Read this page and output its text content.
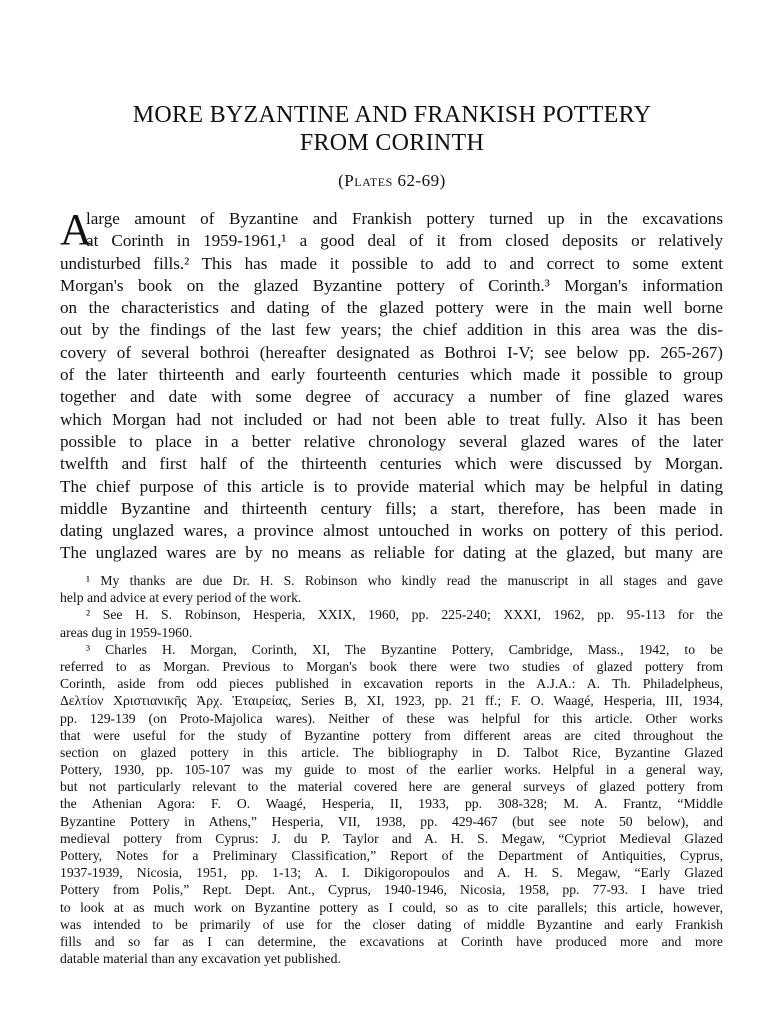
MORE BYZANTINE AND FRANKISH POTTERY
FROM CORINTH
(Plates 62-69)
A
large amount of Byzantine and Frankish pottery turned up in the excavations
at Corinth in 1959-1961,¹ a good deal of it from closed deposits or relatively
undisturbed fills.² This has made it possible to add to and correct to some extent
Morgan's book on the glazed Byzantine pottery of Corinth.³ Morgan's information
on the characteristics and dating of the glazed pottery were in the main well borne
out by the findings of the last few years; the chief addition in this area was the dis-
covery of several bothroi (hereafter designated as Bothroi I-V; see below pp. 265-267)
of the later thirteenth and early fourteenth centuries which made it possible to group
together and date with some degree of accuracy a number of fine glazed wares
which Morgan had not included or had not been able to treat fully. Also it has been
possible to place in a better relative chronology several glazed wares of the later
twelfth and first half of the thirteenth centuries which were discussed by Morgan.
The chief purpose of this article is to provide material which may be helpful in dating
middle Byzantine and thirteenth century fills; a start, therefore, has been made in
dating unglazed wares, a province almost untouched in works on pottery of this period.
The unglazed wares are by no means as reliable for dating at the glazed, but many are
¹ My thanks are due Dr. H. S. Robinson who kindly read the manuscript in all stages and gave
help and advice at every period of the work.
² See H. S. Robinson, Hesperia, XXIX, 1960, pp. 225-240; XXXI, 1962, pp. 95-113 for the
areas dug in 1959-1960.
³ Charles H. Morgan, Corinth, XI, The Byzantine Pottery, Cambridge, Mass., 1942, to be
referred to as Morgan. Previous to Morgan's book there were two studies of glazed pottery from
Corinth, aside from odd pieces published in excavation reports in the A.J.A.: A. Th. Philadelpheus,
Δελτίον Χριστιανικῆς Ἀρχ. Ἑταιρείας, Series B, XI, 1923, pp. 21 ff.; F. O. Waagé, Hesperia, III, 1934,
pp. 129-139 (on Proto-Majolica wares). Neither of these was helpful for this article. Other works
that were useful for the study of Byzantine pottery from different areas are cited throughout the
section on glazed pottery in this article. The bibliography in D. Talbot Rice, Byzantine Glazed
Pottery, 1930, pp. 105-107 was my guide to most of the earlier works. Helpful in a general way,
but not particularly relevant to the material covered here are general surveys of glazed pottery from
the Athenian Agora: F. O. Waagé, Hesperia, II, 1933, pp. 308-328; M. A. Frantz, “Middle
Byzantine Pottery in Athens,” Hesperia, VII, 1938, pp. 429-467 (but see note 50 below), and
medieval pottery from Cyprus: J. du P. Taylor and A. H. S. Megaw, “Cypriot Medieval Glazed
Pottery, Notes for a Preliminary Classification,” Report of the Department of Antiquities, Cyprus,
1937-1939, Nicosia, 1951, pp. 1-13; A. I. Dikigoropoulos and A. H. S. Megaw, “Early Glazed
Pottery from Polis,” Rept. Dept. Ant., Cyprus, 1940-1946, Nicosia, 1958, pp. 77-93. I have tried
to look at as much work on Byzantine pottery as I could, so as to cite parallels; this article, however,
was intended to be primarily of use for the closer dating of middle Byzantine and early Frankish
fills and so far as I can determine, the excavations at Corinth have produced more and more
datable material than any excavation yet published.
